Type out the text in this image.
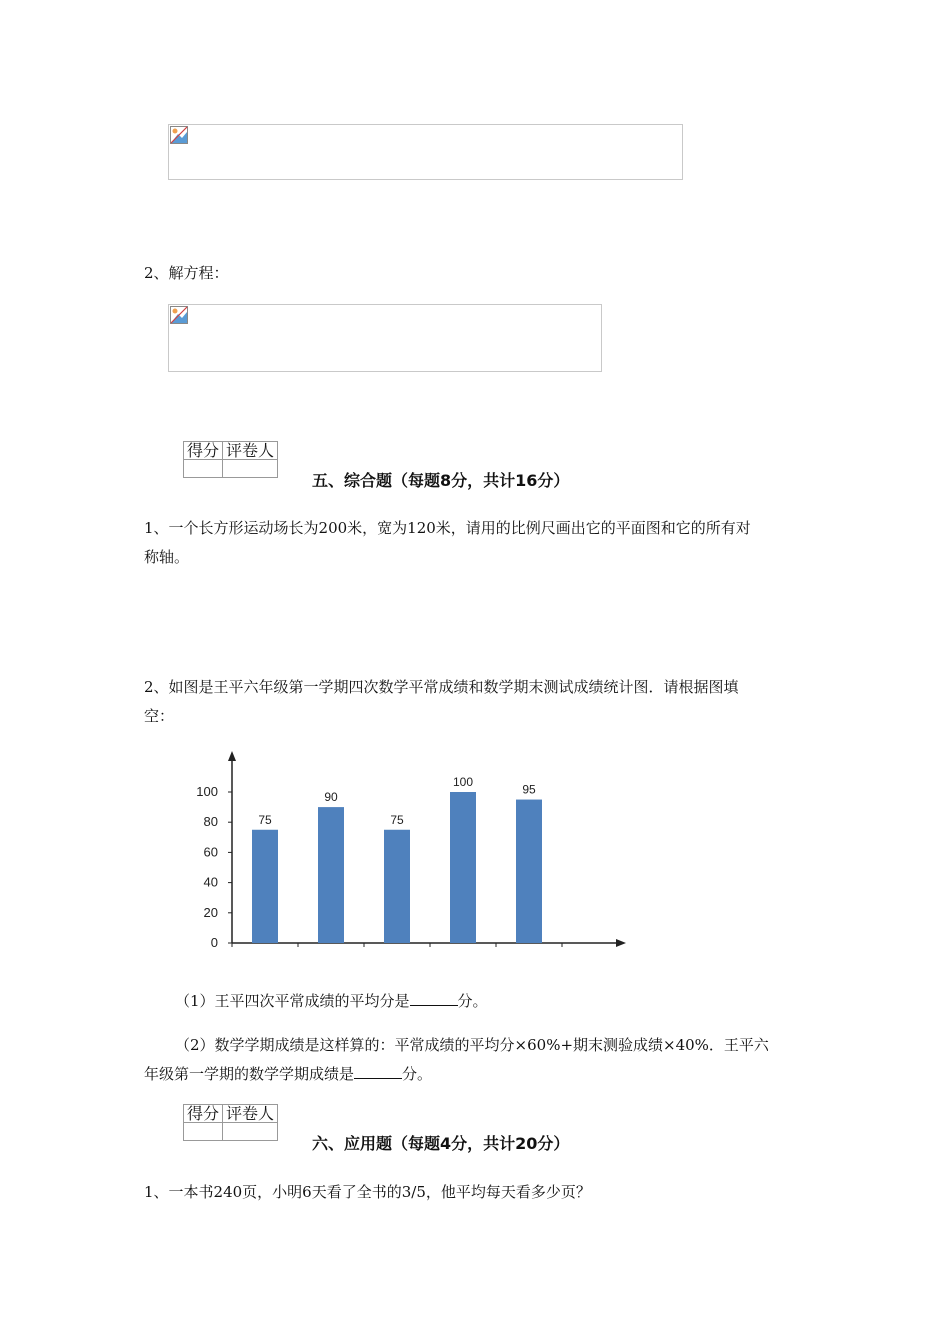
2、解方程：
得分	评卷人

五、综合题（每题8分，共计16分）
1、一个长方形运动场长为200米，宽为120米，请用的比例尺画出它的平面图和它的所有对
称轴。
2、如图是王平六年级第一学期四次数学平常成绩和数学期末测试成绩统计图．请根据图填
空：
0
20
40
60
80
100
75
90
75
100
95
（1）王平四次平常成绩的平均分是	分。
（2）数学学期成绩是这样算的：平常成绩的平均分×60%+期末测验成绩×40%．王平六
年级第一学期的数学学期成绩是	分。
得分	评卷人

六、应用题（每题4分，共计20分）
1、一本书240页，小明6天看了全书的3/5，他平均每天看多少页？
